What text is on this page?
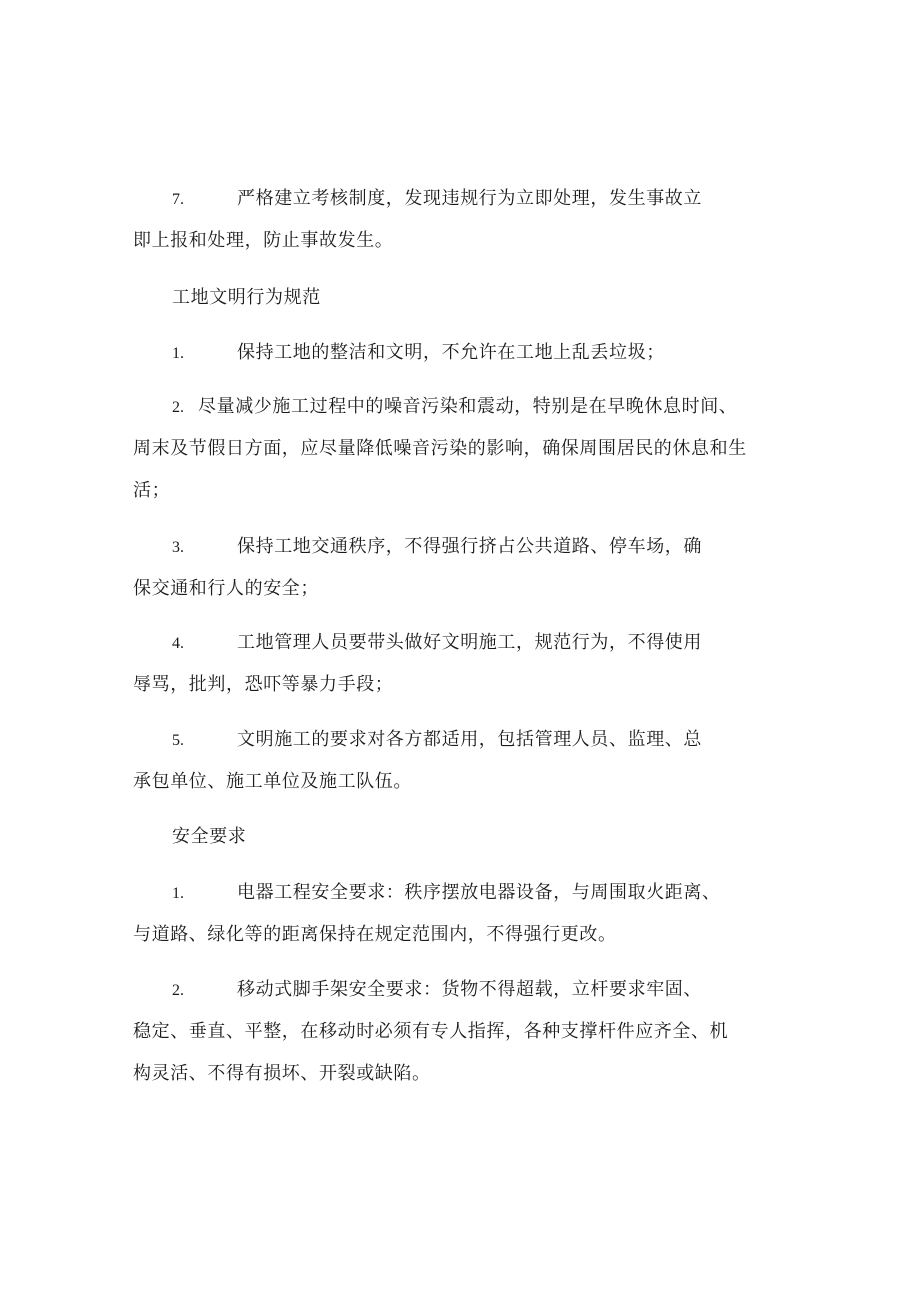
7.	严格建立考核制度，发现违规行为立即处理，发生事故立
即上报和处理，防止事故发生。
工地文明行为规范
1.	保持工地的整洁和文明，不允许在工地上乱丢垃圾；
2. 尽量减少施工过程中的噪音污染和震动，特别是在早晚休息时间、
周末及节假日方面，应尽量降低噪音污染的影响，确保周围居民的休息和生
活；
3.	保持工地交通秩序，不得强行挤占公共道路、停车场，确
保交通和行人的安全；
4.	工地管理人员要带头做好文明施工，规范行为，不得使用
辱骂，批判，恐吓等暴力手段；
5.	文明施工的要求对各方都适用，包括管理人员、监理、总
承包单位、施工单位及施工队伍。
安全要求
1.	电器工程安全要求：秩序摆放电器设备，与周围取火距离、
与道路、绿化等的距离保持在规定范围内，不得强行更改。
2.	移动式脚手架安全要求：货物不得超载，立杆要求牢固、
稳定、垂直、平整，在移动时必须有专人指挥，各种支撑杆件应齐全、机
构灵活、不得有损坏、开裂或缺陷。
